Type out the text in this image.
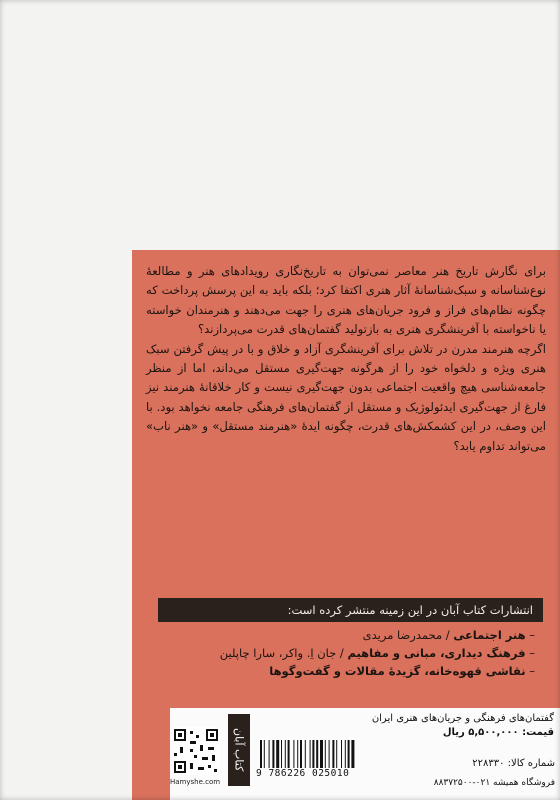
برای نگارش تاریخ هنر معاصر نمی‌توان به تاریخ‌نگاری رویدادهای هنر و مطالعهٔ نوع‌شناسانه و سبک‌شناسانهٔ آثار هنری اکتفا کرد؛ بلکه باید به این پرسش پرداخت که چگونه نظام‌های فراز و فرود جریان‌های هنری را جهت می‌دهند و هنرمندان خواسته یا ناخواسته با آفرینشگری هنری به بازتولید گفتمان‌های قدرت می‌پردازند؟

اگرچه هنرمند مدرن در تلاش برای آفرینشگری آزاد و خلاق و با در پیش گرفتن سبک هنری ویژه و دلخواه خود را از هرگونه جهت‌گیری مستقل می‌داند، اما از منظر جامعه‌شناسی هیچ واقعیت اجتماعی بدون جهت‌گیری نیست و کار خلاقانهٔ هنرمند نیز فارغ از جهت‌گیری ایدئولوژیک و مستقل از گفتمان‌های فرهنگی جامعه نخواهد بود. با این وصف، در این کشمکش‌های قدرت، چگونه ایدهٔ «هنرمند مستقل» و «هنر ناب» می‌تواند تداوم یابد؟

انتشارات کتاب آبان در این زمینه منتشر کرده است:
– هنر اجتماعی / محمدرضا مریدی
– فرهنگ دیداری، مبانی و مفاهیم / جان اِ. واکر، سارا چاپلین
– نقاشی قهوه‌خانه، گزیدهٔ مقالات و گفت‌وگوها
کتاب آبان
گفتمان‌های فرهنگی و جریان‌های هنری ایران
قیمت: ۵,۵۰۰,۰۰۰ ریال
9 786226 025010
شماره کالا: ۲۲۸۳۳۰
Hamyshe.com	فروشگاه همیشه ۰۲۱-۸۸۳۷۲۵۰۰
